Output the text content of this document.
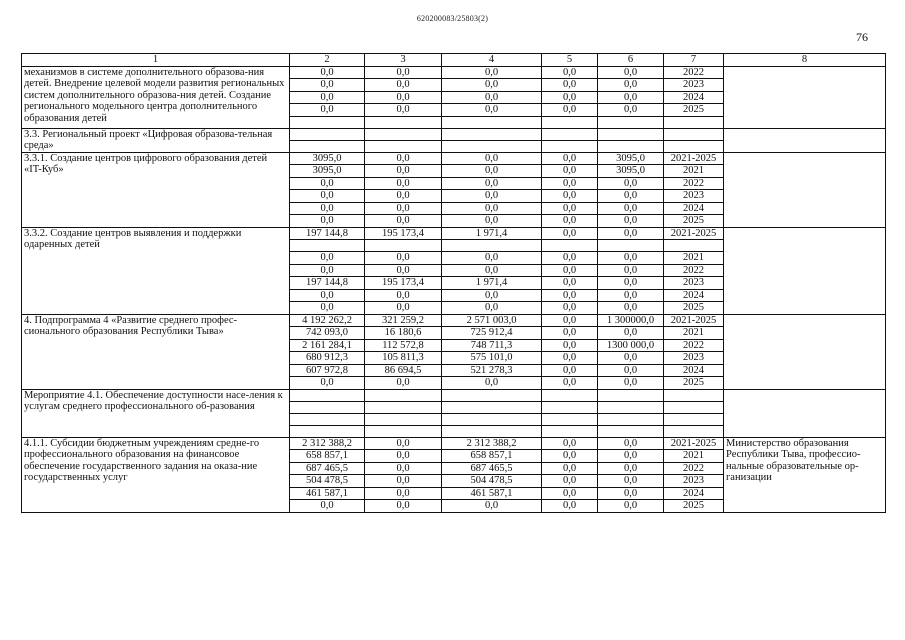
620200083/25803(2)
76
1	2	3	4	5	6	7	8
механизмов в системе дополнительного образова-ния детей. Внедрение целевой модели развития региональных систем дополнительного образова-ния детей. Создание регионального модельного центра дополнительного образования детей	0,0	0,0	0,0	0,0	0,0	2022	
	0,0	0,0	0,0	0,0	0,0	2023	
	0,0	0,0	0,0	0,0	0,0	2024	
	0,0	0,0	0,0	0,0	0,0	2025	

3.3. Региональный проект «Цифровая образова-тельная среда»							

3.3.1. Создание центров цифрового образования детей «IT-Куб»	3095,0	0,0	0,0	0,0	3095,0	2021-2025	
	3095,0	0,0	0,0	0,0	3095,0	2021	
	0,0	0,0	0,0	0,0	0,0	2022	
	0,0	0,0	0,0	0,0	0,0	2023	
	0,0	0,0	0,0	0,0	0,0	2024	
	0,0	0,0	0,0	0,0	0,0	2025	
3.3.2. Создание центров выявления и поддержки одаренных детей	197 144,8	195 173,4	1 971,4	0,0	0,0	2021-2025	

	0,0	0,0	0,0	0,0	0,0	2021	
	0,0	0,0	0,0	0,0	0,0	2022	
	197 144,8	195 173,4	1 971,4	0,0	0,0	2023	
	0,0	0,0	0,0	0,0	0,0	2024	
	0,0	0,0	0,0	0,0	0,0	2025	
4. Подпрограмма 4 «Развитие среднего профес-сионального образования Республики Тыва»	4 192 262,2	321 259,2	2 571 003,0	0,0	1 300000,0	2021-2025	
	742 093,0	16 180,6	725 912,4	0,0	0,0	2021	
	2 161 284,1	112 572,8	748 711,3	0,0	1300 000,0	2022	
	680 912,3	105 811,3	575 101,0	0,0	0,0	2023	
	607 972,8	86 694,5	521 278,3	0,0	0,0	2024	
	0,0	0,0	0,0	0,0	0,0	2025	
Мероприятие 4.1. Обеспечение доступности насе-ления к услугам среднего профессионального об-разования							

4.1.1. Субсидии бюджетным учреждениям средне-го профессионального образования на финансовое обеспечение государственного задания на оказа-ние государственных услуг	2 312 388,2	0,0	2 312 388,2	0,0	0,0	2021-2025	Министерство образования Республики Тыва, профессио-нальные образовательные ор-ганизации
	658 857,1	0,0	658 857,1	0,0	0,0	2021	
	687 465,5	0,0	687 465,5	0,0	0,0	2022	
	504 478,5	0,0	504 478,5	0,0	0,0	2023	
	461 587,1	0,0	461 587,1	0,0	0,0	2024	
	0,0	0,0	0,0	0,0	0,0	2025	
